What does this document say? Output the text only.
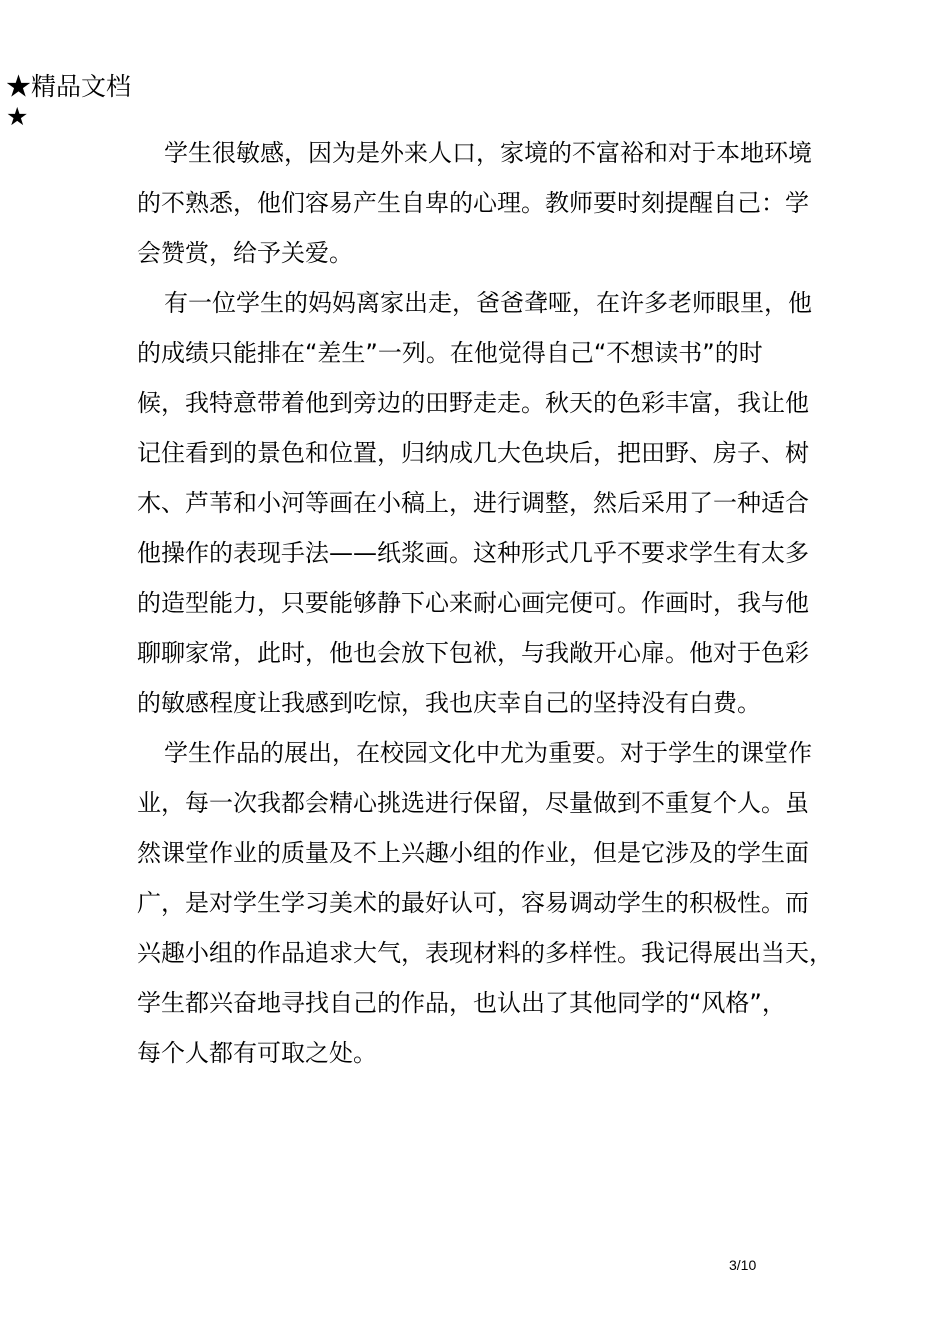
★精品文档
★

学生很敏感，因为是外来人口，家境的不富裕和对于本地环境
的不熟悉，他们容易产生自卑的心理。教师要时刻提醒自己：学
会赞赏，给予关爱。

有一位学生的妈妈离家出走，爸爸聋哑，在许多老师眼里，他
的成绩只能排在“差生”一列。在他觉得自己“不想读书”的时
候，我特意带着他到旁边的田野走走。秋天的色彩丰富，我让他
记住看到的景色和位置，归纳成几大色块后，把田野、房子、树
木、芦苇和小河等画在小稿上，进行调整，然后采用了一种适合
他操作的表现手法——纸浆画。这种形式几乎不要求学生有太多
的造型能力，只要能够静下心来耐心画完便可。作画时，我与他
聊聊家常，此时，他也会放下包袱，与我敞开心扉。他对于色彩
的敏感程度让我感到吃惊，我也庆幸自己的坚持没有白费。

学生作品的展出，在校园文化中尤为重要。对于学生的课堂作
业，每一次我都会精心挑选进行保留，尽量做到不重复个人。虽
然课堂作业的质量及不上兴趣小组的作业，但是它涉及的学生面
广，是对学生学习美术的最好认可，容易调动学生的积极性。而
兴趣小组的作品追求大气，表现材料的多样性。我记得展出当天，
学生都兴奋地寻找自己的作品，也认出了其他同学的“风格”，
每个人都有可取之处。

3/10
